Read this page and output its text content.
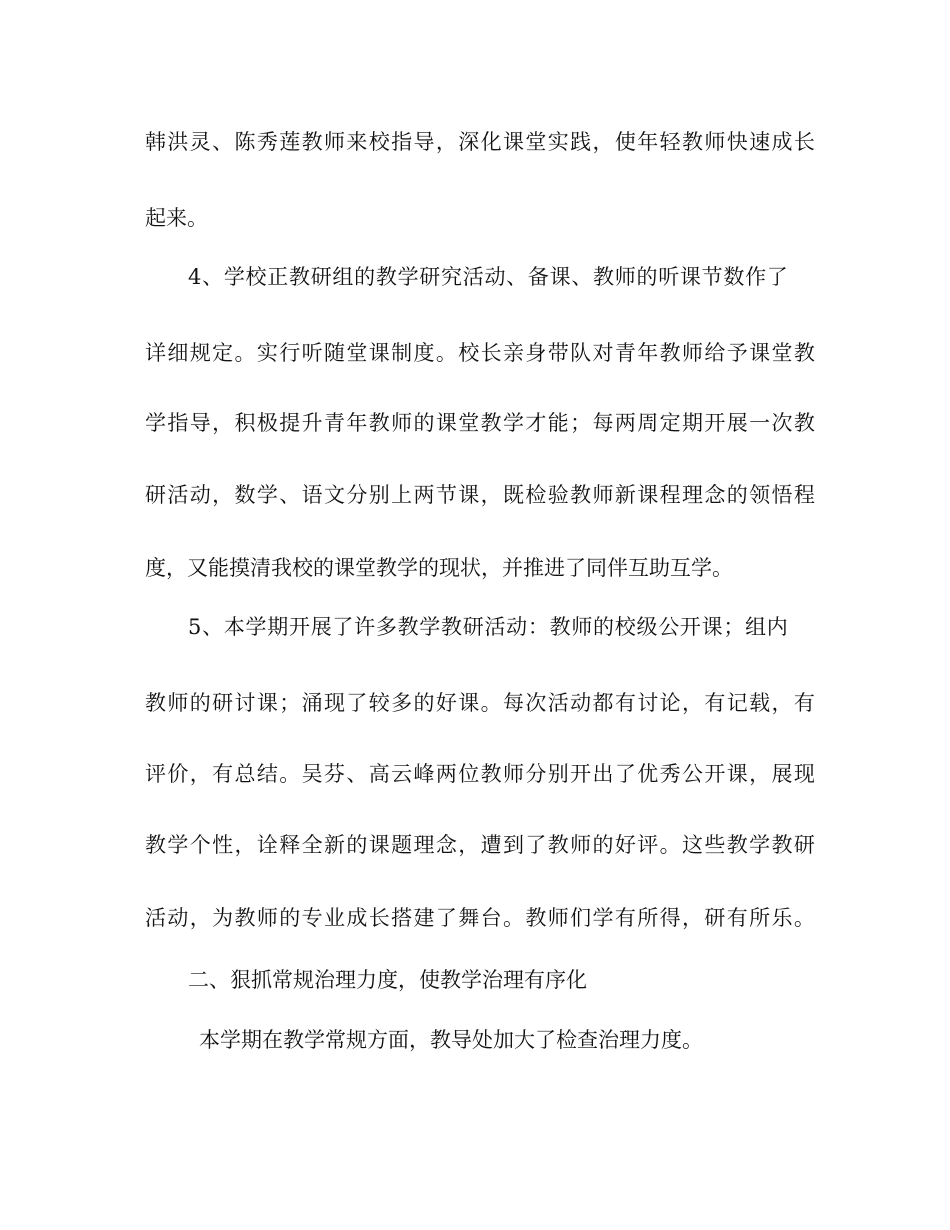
韩 洪 灵 、 陈 秀 莲 教 师 来 校 指 导 ， 深 化 课 堂 实 践 ， 使 年 轻 教 师 快 速 成 长
起来。
4 、 学 校 正 教 研 组 的 教 学 研 究 活 动 、 备 课 、 教 师 的 听 课 节 数 作 了
详 细 规 定 。 实 行 听 随 堂 课 制 度 。 校 长 亲 身 带 队 对 青 年 教 师 给 予 课 堂 教
学 指 导 ， 积 极 提 升 青 年 教 师 的 课 堂 教 学 才 能 ； 每 两 周 定 期 开 展 一 次 教
研 活 动 ， 数 学 、 语 文 分 别 上 两 节 课 ， 既 检 验 教 师 新 课 程 理 念 的 领 悟 程
度，又能摸清我校的课堂教学的现状，并推进了同伴互助互学。
5 、 本 学 期 开 展 了 许 多 教 学 教 研 活 动 ： 教 师 的 校 级 公 开 课 ； 组 内
教 师 的 研 讨 课 ； 涌 现 了 较 多 的 好 课 。 每 次 活 动 都 有 讨 论 ， 有 记 载 ， 有
评 价 ， 有 总 结 。 吴 芬 、 高 云 峰 两 位 教 师 分 别 开 出 了 优 秀 公 开 课 ， 展 现
教 学 个 性 ， 诠 释 全 新 的 课 题 理 念 ， 遭 到 了 教 师 的 好 评 。 这 些 教 学 教 研
活 动 ， 为 教 师 的 专 业 成 长 搭 建 了 舞 台 。 教 师 们 学 有 所 得 ， 研 有 所 乐 。
二、狠抓常规治理力度，使教学治理有序化
本学期在教学常规方面，教导处加大了检查治理力度。
